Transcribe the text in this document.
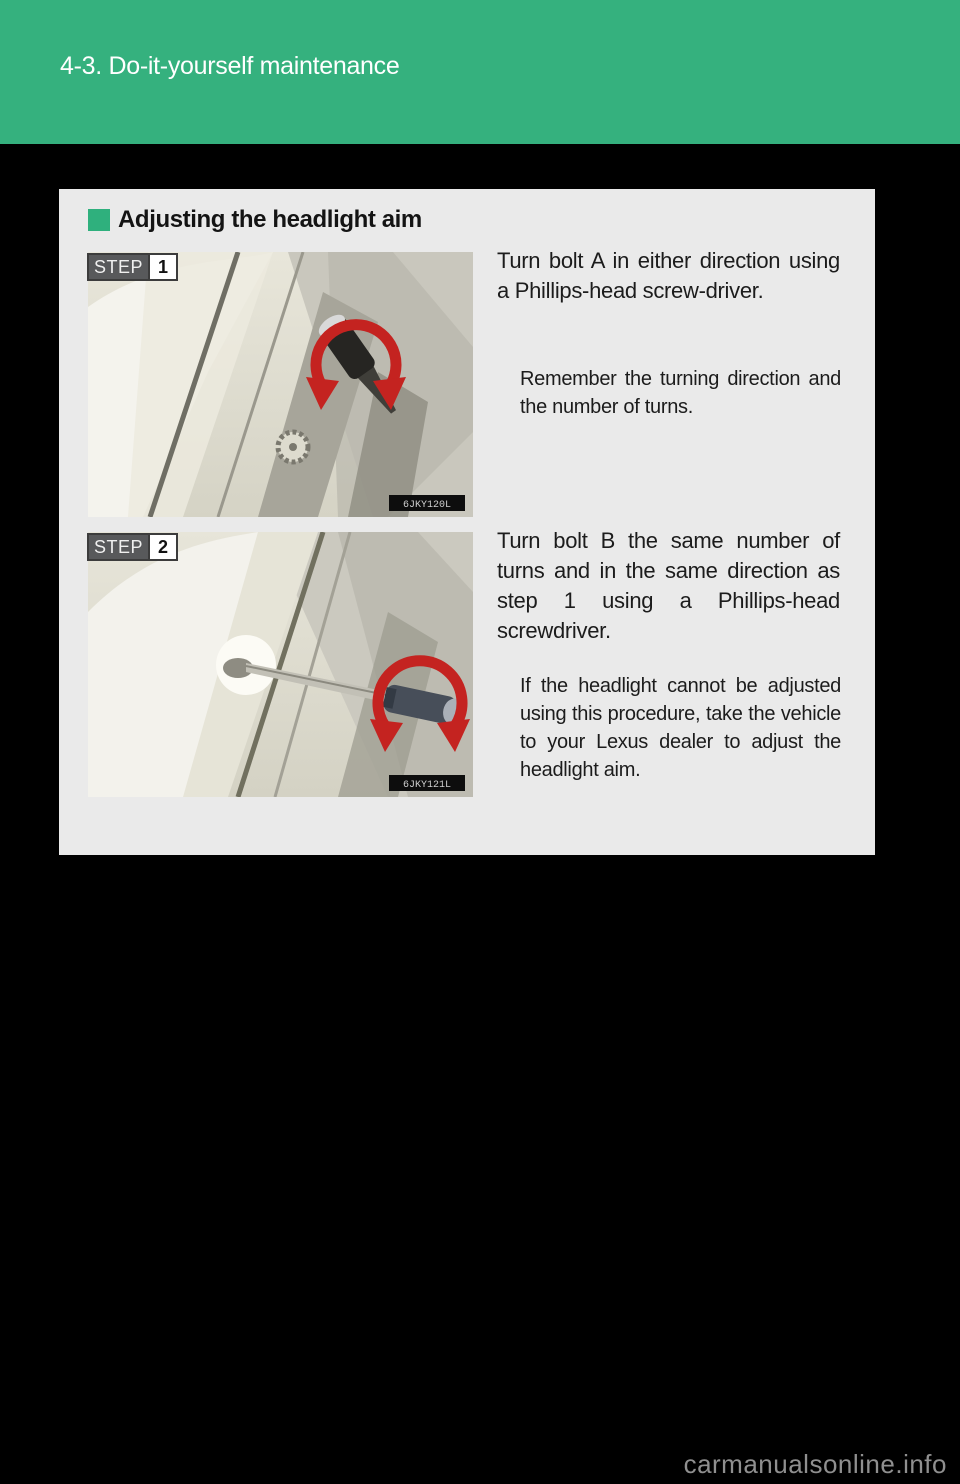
4-3. Do-it-yourself maintenance
Adjusting the headlight aim
6JKY120L
STEP 1	Turn bolt A in either direction using a Phillips-head screw-driver.

Remember the turning direction and the number of turns.

6JKY121L
STEP 2	Turn bolt B the same number of turns and in the same direction as step 1 using a Phillips-head screwdriver.

If the headlight cannot be adjusted using this procedure, take the vehicle to your Lexus dealer to adjust the headlight aim.

carmanualsonline.info
